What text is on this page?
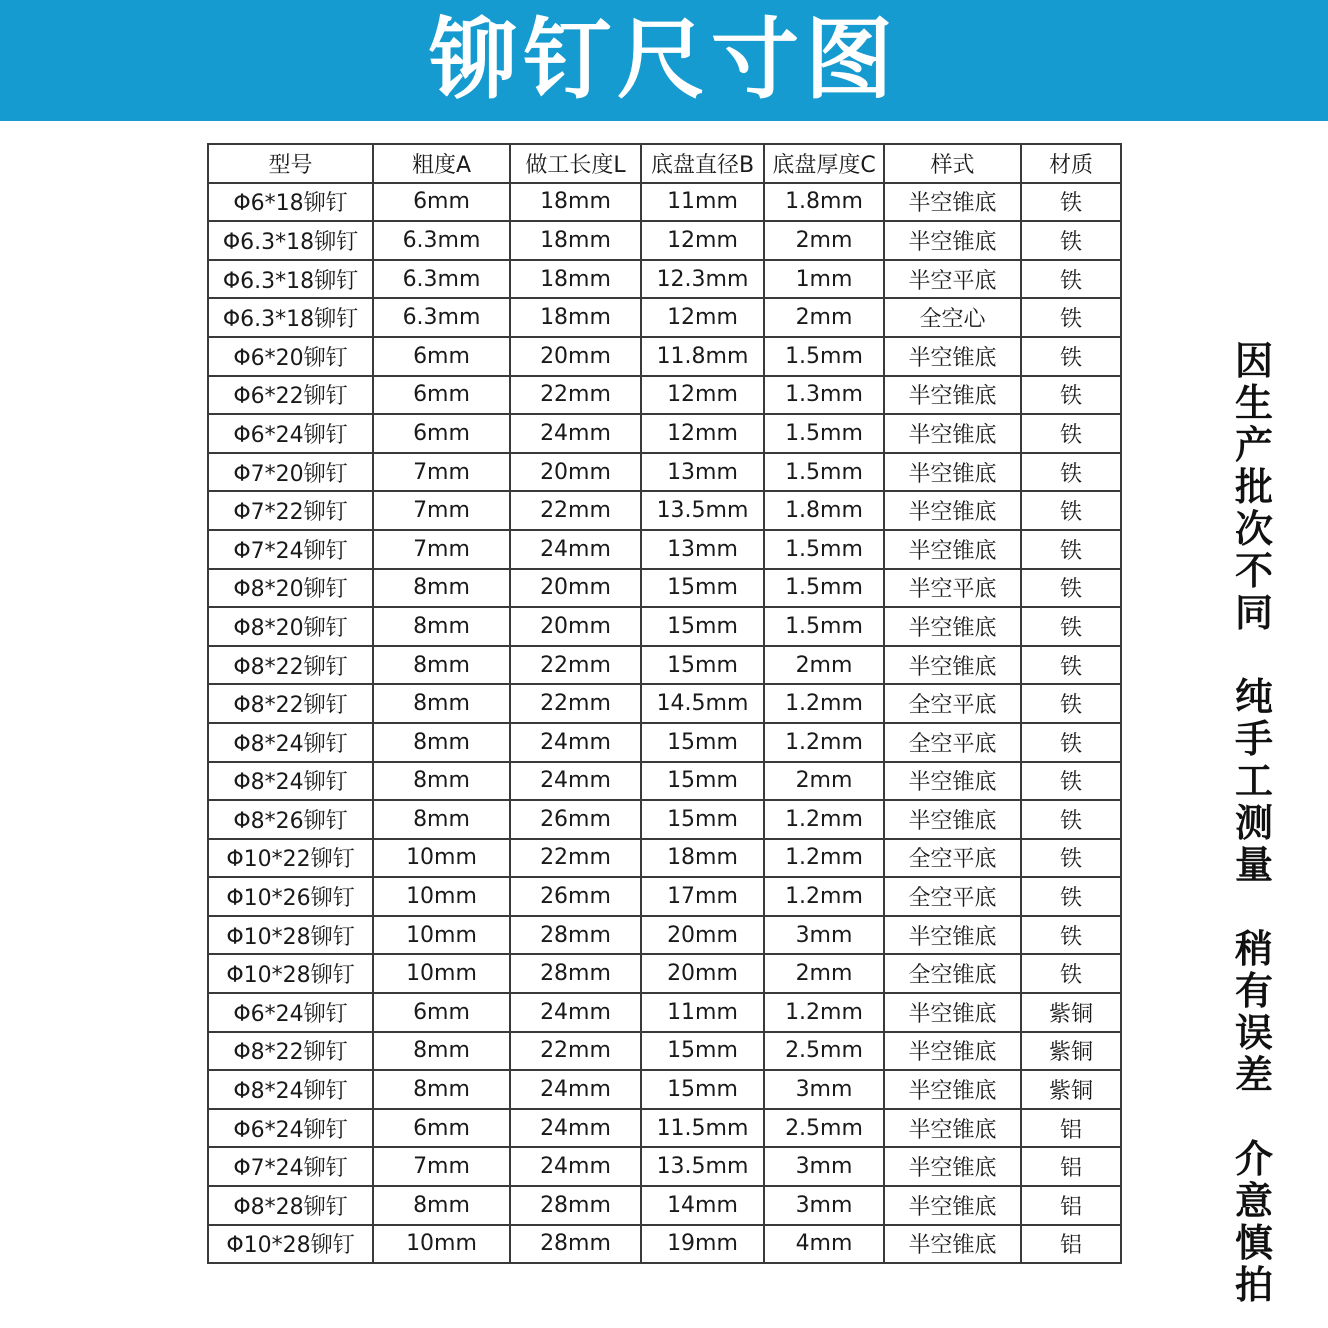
铆钉尺寸图
型号	粗度A	做工长度L	底盘直径B	底盘厚度C	样式	材质
Φ6*18铆钉	6mm	18mm	11mm	1.8mm	半空锥底	铁
Φ6.3*18铆钉	6.3mm	18mm	12mm	2mm	半空锥底	铁
Φ6.3*18铆钉	6.3mm	18mm	12.3mm	1mm	半空平底	铁
Φ6.3*18铆钉	6.3mm	18mm	12mm	2mm	全空心	铁
Φ6*20铆钉	6mm	20mm	11.8mm	1.5mm	半空锥底	铁
Φ6*22铆钉	6mm	22mm	12mm	1.3mm	半空锥底	铁
Φ6*24铆钉	6mm	24mm	12mm	1.5mm	半空锥底	铁
Φ7*20铆钉	7mm	20mm	13mm	1.5mm	半空锥底	铁
Φ7*22铆钉	7mm	22mm	13.5mm	1.8mm	半空锥底	铁
Φ7*24铆钉	7mm	24mm	13mm	1.5mm	半空锥底	铁
Φ8*20铆钉	8mm	20mm	15mm	1.5mm	半空平底	铁
Φ8*20铆钉	8mm	20mm	15mm	1.5mm	半空锥底	铁
Φ8*22铆钉	8mm	22mm	15mm	2mm	半空锥底	铁
Φ8*22铆钉	8mm	22mm	14.5mm	1.2mm	全空平底	铁
Φ8*24铆钉	8mm	24mm	15mm	1.2mm	全空平底	铁
Φ8*24铆钉	8mm	24mm	15mm	2mm	半空锥底	铁
Φ8*26铆钉	8mm	26mm	15mm	1.2mm	半空锥底	铁
Φ10*22铆钉	10mm	22mm	18mm	1.2mm	全空平底	铁
Φ10*26铆钉	10mm	26mm	17mm	1.2mm	全空平底	铁
Φ10*28铆钉	10mm	28mm	20mm	3mm	半空锥底	铁
Φ10*28铆钉	10mm	28mm	20mm	2mm	全空锥底	铁
Φ6*24铆钉	6mm	24mm	11mm	1.2mm	半空锥底	紫铜
Φ8*22铆钉	8mm	22mm	15mm	2.5mm	半空锥底	紫铜
Φ8*24铆钉	8mm	24mm	15mm	3mm	半空锥底	紫铜
Φ6*24铆钉	6mm	24mm	11.5mm	2.5mm	半空锥底	铝
Φ7*24铆钉	7mm	24mm	13.5mm	3mm	半空锥底	铝
Φ8*28铆钉	8mm	28mm	14mm	3mm	半空锥底	铝
Φ10*28铆钉	10mm	28mm	19mm	4mm	半空锥底	铝
因生产批次不同
纯手工测量
稍有误差
介意慎拍
